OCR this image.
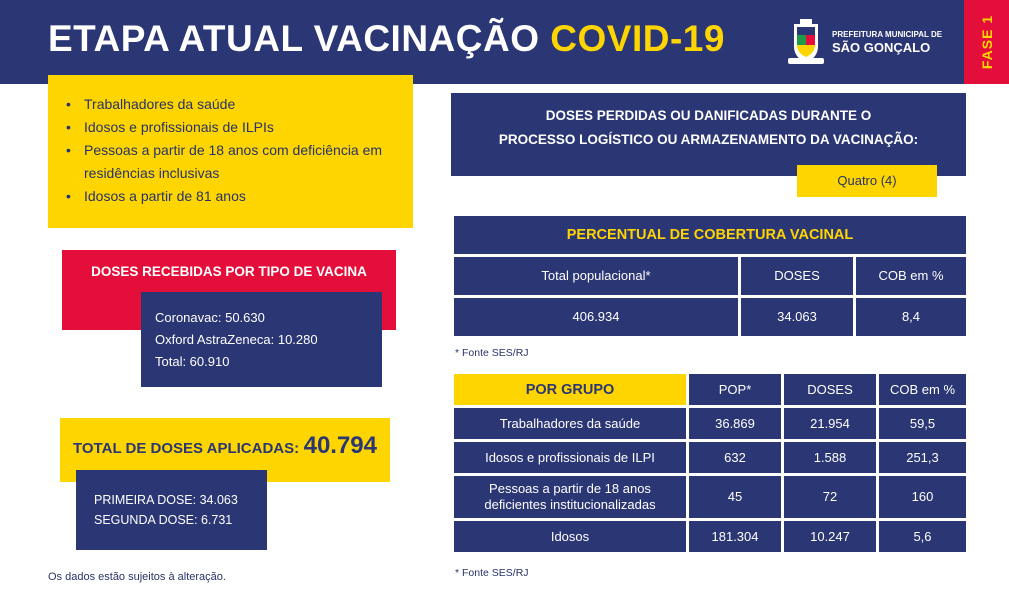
ETAPA ATUAL VACINAÇÃO COVID-19	PREFEITURA MUNICIPAL DE
SÃO GONÇALO	FASE 1
• Trabalhadores da saúde
• Idosos e profissionais de ILPIs
• Pessoas a partir de 18 anos com deficiência em residências inclusivas
• Idosos a partir de 81 anos
DOSES RECEBIDAS POR TIPO DE VACINA
Coronavac: 50.630
Oxford AstraZeneca: 10.280
Total: 60.910
TOTAL DE DOSES APLICADAS: 40.794
PRIMEIRA DOSE: 34.063
SEGUNDA DOSE: 6.731
Os dados estão sujeitos à alteração.
DOSES PERDIDAS OU DANIFICADAS DURANTE O
PROCESSO LOGÍSTICO OU ARMAZENAMENTO DA VACINAÇÃO:
Quatro (4)
PERCENTUAL DE COBERTURA VACINAL		
Total populacional*	DOSES	COB em %
406.934	34.063	8,4
* Fonte SES/RJ
POR GRUPO	POP*	DOSES	COB em %
Trabalhadores da saúde	36.869	21.954	59,5
Idosos e profissionais de ILPI	632	1.588	251,3
Pessoas a partir de 18 anos deficientes institucionalizadas	45	72	160
Idosos	181.304	10.247	5,6
* Fonte SES/RJ
